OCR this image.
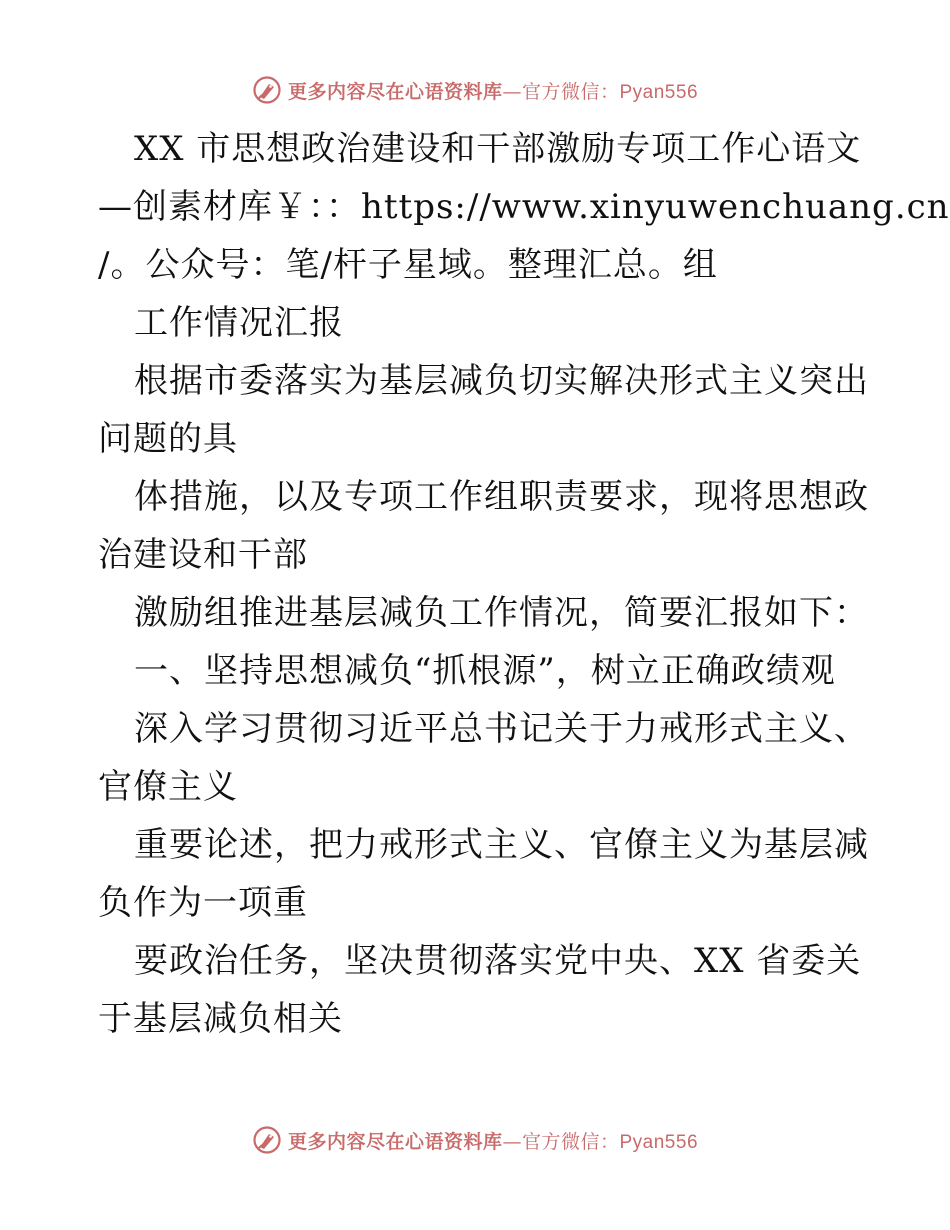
更多内容尽在心语资料库—官方微信：Pyan556
XX 市思想政治建设和干部激励专项工作心语文
—创素材库￥：：https://www.xinyuwenchuang.cn
/。公众号：笔/杆子星域。整理汇总。组
工作情况汇报
根据市委落实为基层减负切实解决形式主义突出
问题的具
体措施，以及专项工作组职责要求，现将思想政
治建设和干部
激励组推进基层减负工作情况，简要汇报如下：
一、坚持思想减负“抓根源”，树立正确政绩观
深入学习贯彻习近平总书记关于力戒形式主义、
官僚主义
重要论述，把力戒形式主义、官僚主义为基层减
负作为一项重
要政治任务，坚决贯彻落实党中央、XX 省委关
于基层减负相关
更多内容尽在心语资料库—官方微信：Pyan556
